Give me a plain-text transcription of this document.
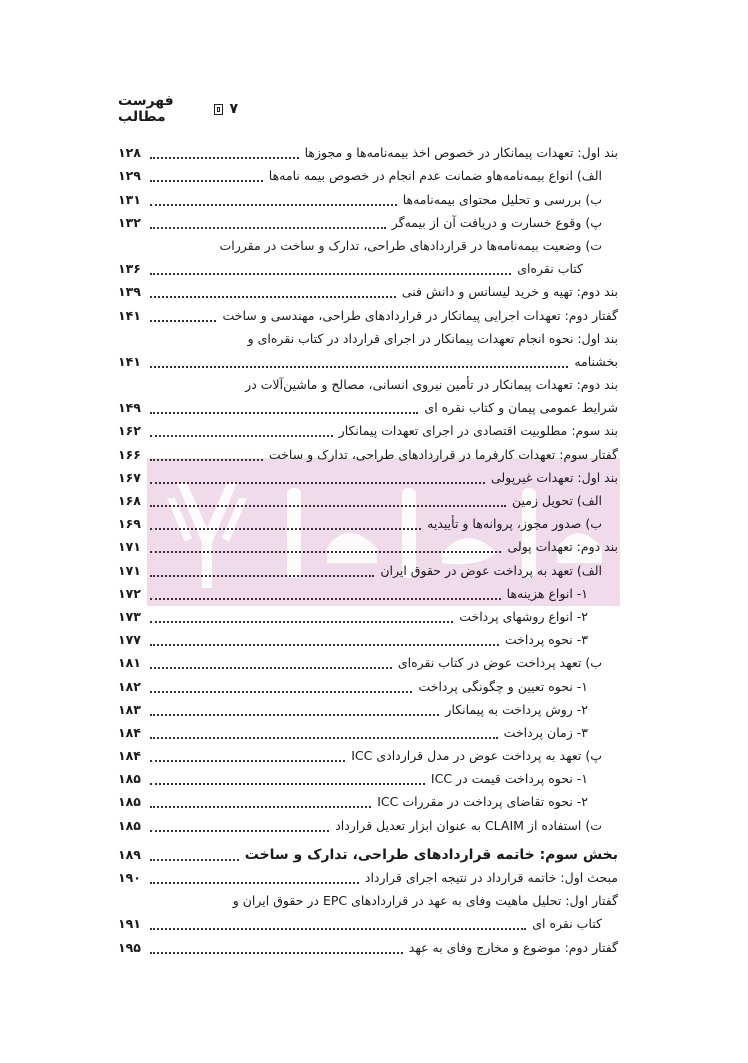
۷
فهرست مطالب
بند اول: تعهدات پیمانکار در خصوص اخذ بیمه‌نامه‌ها و مجوزها
۱۲۸
الف) انواع بیمه‌نامه‌هاو ضمانت عدم انجام در خصوص بیمه نامه‌ها
۱۲۹
ب) بررسی و تحلیل محتوای بیمه‌نامه‌ها
۱۳۱
پ) وقوع خسارت و دریافت آن از بیمه‌گر
۱۳۲
ت) وضعیت بیمه‌نامه‌ها در قراردادهای طراحی، تدارک و ساخت در مقررات
کتاب نقره‌ای
۱۳۶
بند دوم: تهیه و خرید لیسانس و دانش فنی
۱۳۹
گفتار دوم: تعهدات اجرایی پیمانکار در قراردادهای طراحی، مهندسی و ساخت
۱۴۱
بند اول: نحوه انجام تعهدات پیمانکار در اجرای قرارداد در کتاب نقره‌ای و
بخشنامه
۱۴۱
بند دوم: تعهدات پیمانکار در تأمین نیروی انسانی، مصالح و ماشین‌آلات در
شرایط عمومی پیمان و کتاب نقره ای
۱۴۹
بند سوم: مطلوبیت اقتصادی در اجرای تعهدات پیمانکار
۱۶۲
گفتار سوم: تعهدات کارفرما در قراردادهای طراحی، تدارک و ساخت
۱۶۶
بند اول: تعهدات غیرپولی
۱۶۷
الف) تحویل زمین
۱۶۸
ب) صدور مجوز، پروانه‌ها و تأییدیه
۱۶۹
بند دوم: تعهدات پولی
۱۷۱
الف) تعهد به پرداخت عوض در حقوق ایران
۱۷۱
۱- انواع هزینه‌ها
۱۷۲
۲- انواع روشهای پرداخت
۱۷۳
۳- نحوه پرداخت
۱۷۷
ب) تعهد پرداخت عوض در کتاب نقره‌ای
۱۸۱
۱- نحوه تعیین و چگونگی پرداخت
۱۸۲
۲- روش پرداخت به پیمانکار
۱۸۳
۳- زمان پرداخت
۱۸۴
پ) تعهد به پرداخت عوض در مدل قراردادی ICC
۱۸۴
۱- نحوه پرداخت قیمت در ICC
۱۸۵
۲- نحوه تقاضای پرداخت در مقررات ICC
۱۸۵
ت) استفاده از CLAIM به عنوان ابزار تعدیل قرارداد
۱۸۵
بخش سوم: خاتمه قراردادهای طراحی، تدارک و ساخت
۱۸۹
مبحث اول: خاتمه قرارداد در نتیجه اجرای قرارداد
۱۹۰
گفتار اول: تحلیل ماهیت وفای به عهد در قراردادهای EPC در حقوق ایران و
کتاب نقره ای
۱۹۱
گفتار دوم: موضوع و مخارج وفای به عهد
۱۹۵
